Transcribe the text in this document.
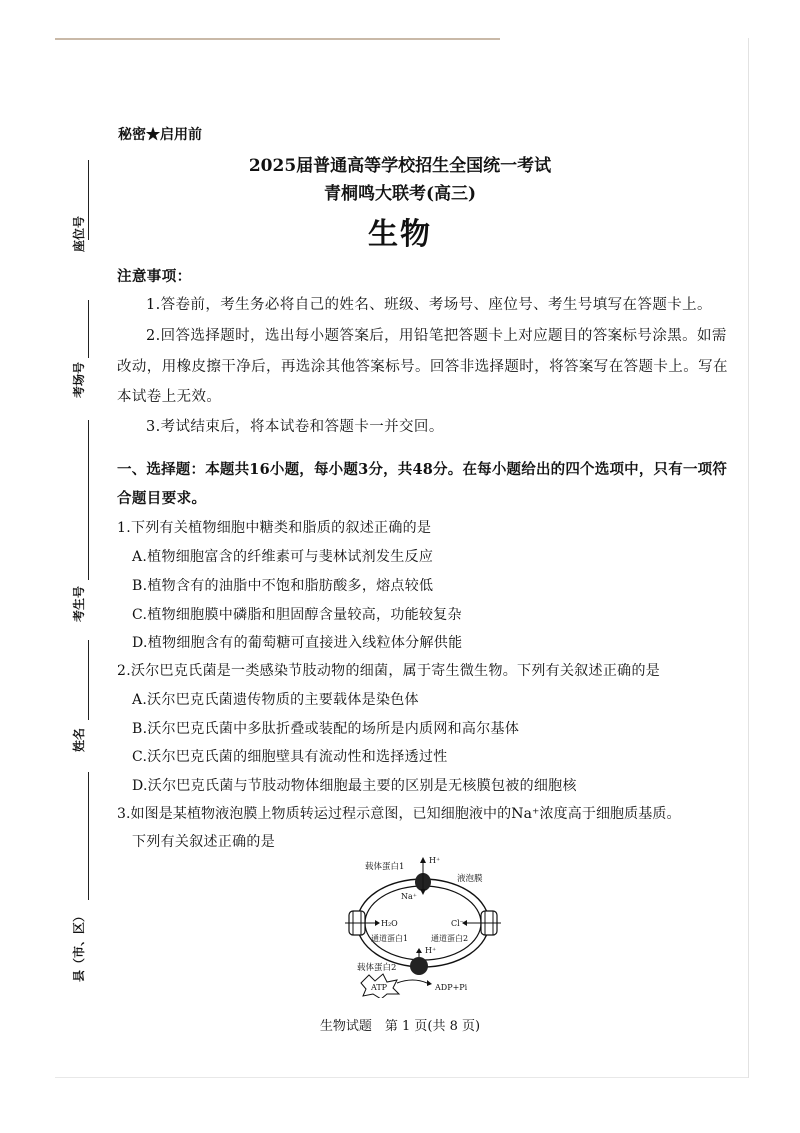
座位号
考场号
考生号
姓名
县（市、区）
秘密★启用前
2025届普通高等学校招生全国统一考试
青桐鸣大联考(高三)
生物
注意事项：
1.答卷前，考生务必将自己的姓名、班级、考场号、座位号、考生号填写在答题卡上。
2.回答选择题时，选出每小题答案后，用铅笔把答题卡上对应题目的答案标号涂黑。如需
改动，用橡皮擦干净后，再选涂其他答案标号。回答非选择题时，将答案写在答题卡上。写在
本试卷上无效。
3.考试结束后，将本试卷和答题卡一并交回。
一、选择题：本题共16小题，每小题3分，共48分。在每小题给出的四个选项中，只有一项符
合题目要求。
1.下列有关植物细胞中糖类和脂质的叙述正确的是
A.植物细胞富含的纤维素可与斐林试剂发生反应
B.植物含有的油脂中不饱和脂肪酸多，熔点较低
C.植物细胞膜中磷脂和胆固醇含量较高，功能较复杂
D.植物细胞含有的葡萄糖可直接进入线粒体分解供能
2.沃尔巴克氏菌是一类感染节肢动物的细菌，属于寄生微生物。下列有关叙述正确的是
A.沃尔巴克氏菌遗传物质的主要载体是染色体
B.沃尔巴克氏菌中多肽折叠或装配的场所是内质网和高尔基体
C.沃尔巴克氏菌的细胞壁具有流动性和选择透过性
D.沃尔巴克氏菌与节肢动物体细胞最主要的区别是无核膜包被的细胞核
3.如图是某植物液泡膜上物质转运过程示意图，已知细胞液中的Na⁺浓度高于细胞质基质。
下列有关叙述正确的是
载体蛋白1
H⁺
液泡膜
Na⁺
H₂O	Cl⁻
通道蛋白1	通道蛋白2
H⁺
载体蛋白2
ATP	ADP+Pi
生物试题　第 1 页(共 8 页)
